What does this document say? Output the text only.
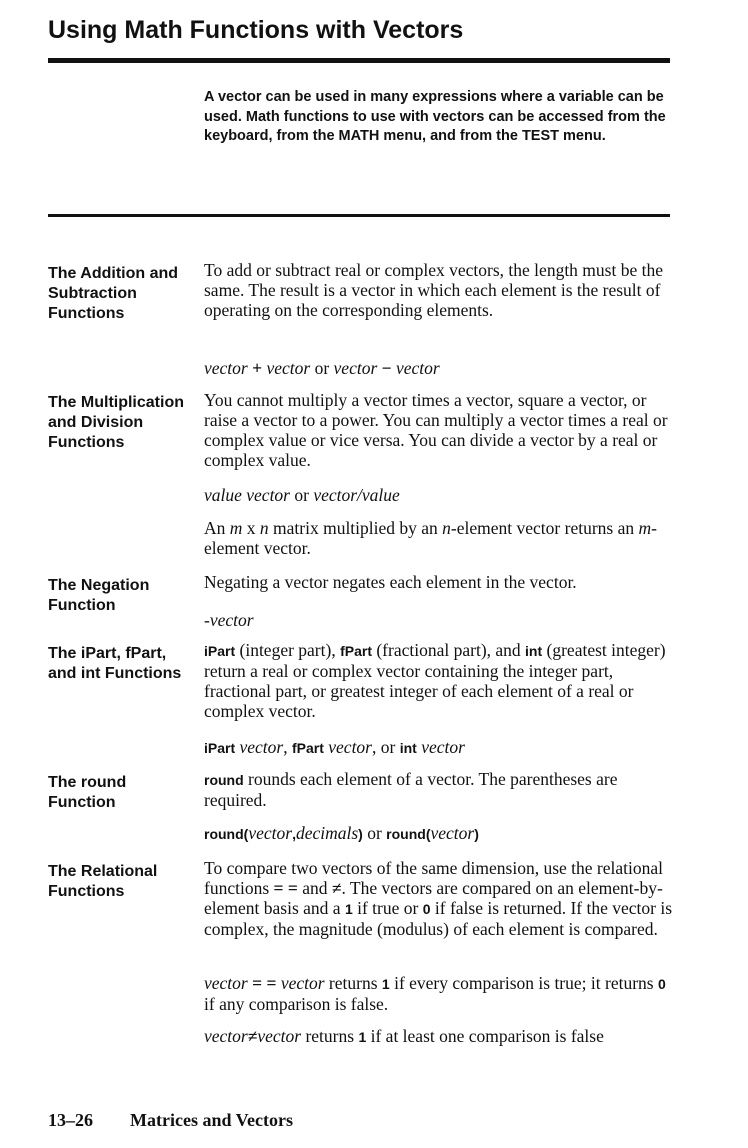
Using Math Functions with Vectors
A vector can be used in many expressions where a variable can be used. Math functions to use with vectors can be accessed from the keyboard, from the MATH menu, and from the TEST menu.
The Addition and Subtraction Functions
To add or subtract real or complex vectors, the length must be the same. The result is a vector in which each element is the result of operating on the corresponding elements.
vector + vector or vector − vector
The Multiplication and Division Functions
You cannot multiply a vector times a vector, square a vector, or raise a vector to a power. You can multiply a vector times a real or complex value or vice versa. You can divide a vector by a real or complex value.
value vector or vector/value
An m x n matrix multiplied by an n-element vector returns an m-element vector.
The Negation Function
Negating a vector negates each element in the vector.
-vector
The iPart, fPart, and int Functions
iPart (integer part), fPart (fractional part), and int (greatest integer) return a real or complex vector containing the integer part, fractional part, or greatest integer of each element of a real or complex vector.
iPart vector, fPart vector, or int vector
The round Function
round rounds each element of a vector. The parentheses are required.
round(vector,decimals) or round(vector)
The Relational Functions
To compare two vectors of the same dimension, use the relational functions = = and ≠. The vectors are compared on an element-by-element basis and a 1 if true or 0 if false is returned. If the vector is complex, the magnitude (modulus) of each element is compared.
vector = = vector returns 1 if every comparison is true; it returns 0 if any comparison is false.
vector≠vector returns 1 if at least one comparison is false
13–26 Matrices and Vectors
